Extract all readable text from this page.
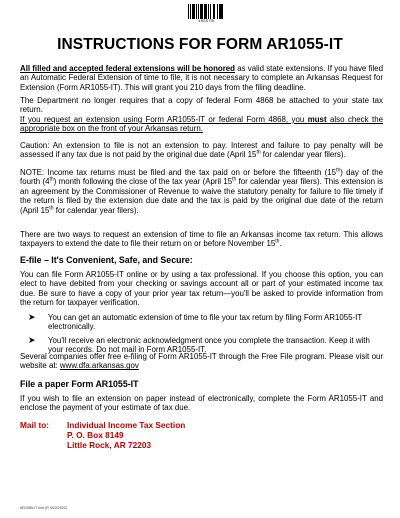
1055TB
INSTRUCTIONS FOR FORM AR1055-IT

All filled and accepted federal extensions will be honored as valid state extensions. If you have filed an Automatic Federal Extension of time to file, it is not necessary to complete an Arkansas Request for Extension (Form AR1055-IT). This will grant you 210 days from the filing deadline.

The Department no longer requires that a copy of federal Form 4868 be attached to your state tax return.

If you request an extension using Form AR1055-IT or federal Form 4868, you must also check the appropriate box on the front of your Arkansas return.

Caution: An extension to file is not an extension to pay. Interest and failure to pay penalty will be assessed if any tax due is not paid by the original due date (April 15th for calendar year filers).

NOTE: Income tax returns must be filed and the tax paid on or before the fifteenth (15th) day of the fourth (4th) month following the close of the tax year (April 15th for calendar year filers). This extension is an agreement by the Commissioner of Revenue to waive the statutory penalty for failure to file timely if the return is filed by the extension due date and the tax is paid by the original due date of the return (April 15th for calendar year filers).

There are two ways to request an extension of time to file an Arkansas income tax return. This allows taxpayers to extend the date to file their return on or before November 15th.

E-file – It's Convenient, Safe, and Secure:

You can file Form AR1055-IT online or by using a tax professional. If you choose this option, you can elect to have debited from your checking or savings account all or part of your estimated income tax due. Be sure to have a copy of your prior year tax return—you'll be asked to provide information from the return for taxpayer verification.

➤ You can get an automatic extension of time to file your tax return by filing Form AR1055-IT electronically.
➤ You'll receive an electronic acknowledgment once you complete the transaction. Keep it with your records. Do not mail in Form AR1055-IT.

Several companies offer free e-filing of Form AR1055-IT through the Free File program. Please visit our website at: www.dfa.arkansas.gov

File a paper Form AR1055-IT

If you wish to file an extension on paper instead of electronically, complete the Form AR1055-IT and enclose the payment of your estimate of tax due.

Mail to:	Individual Income Tax Section
P. O. Box 8149
Little Rock, AR 72203
AR1055-IT Inst (R 9/22/2022)
